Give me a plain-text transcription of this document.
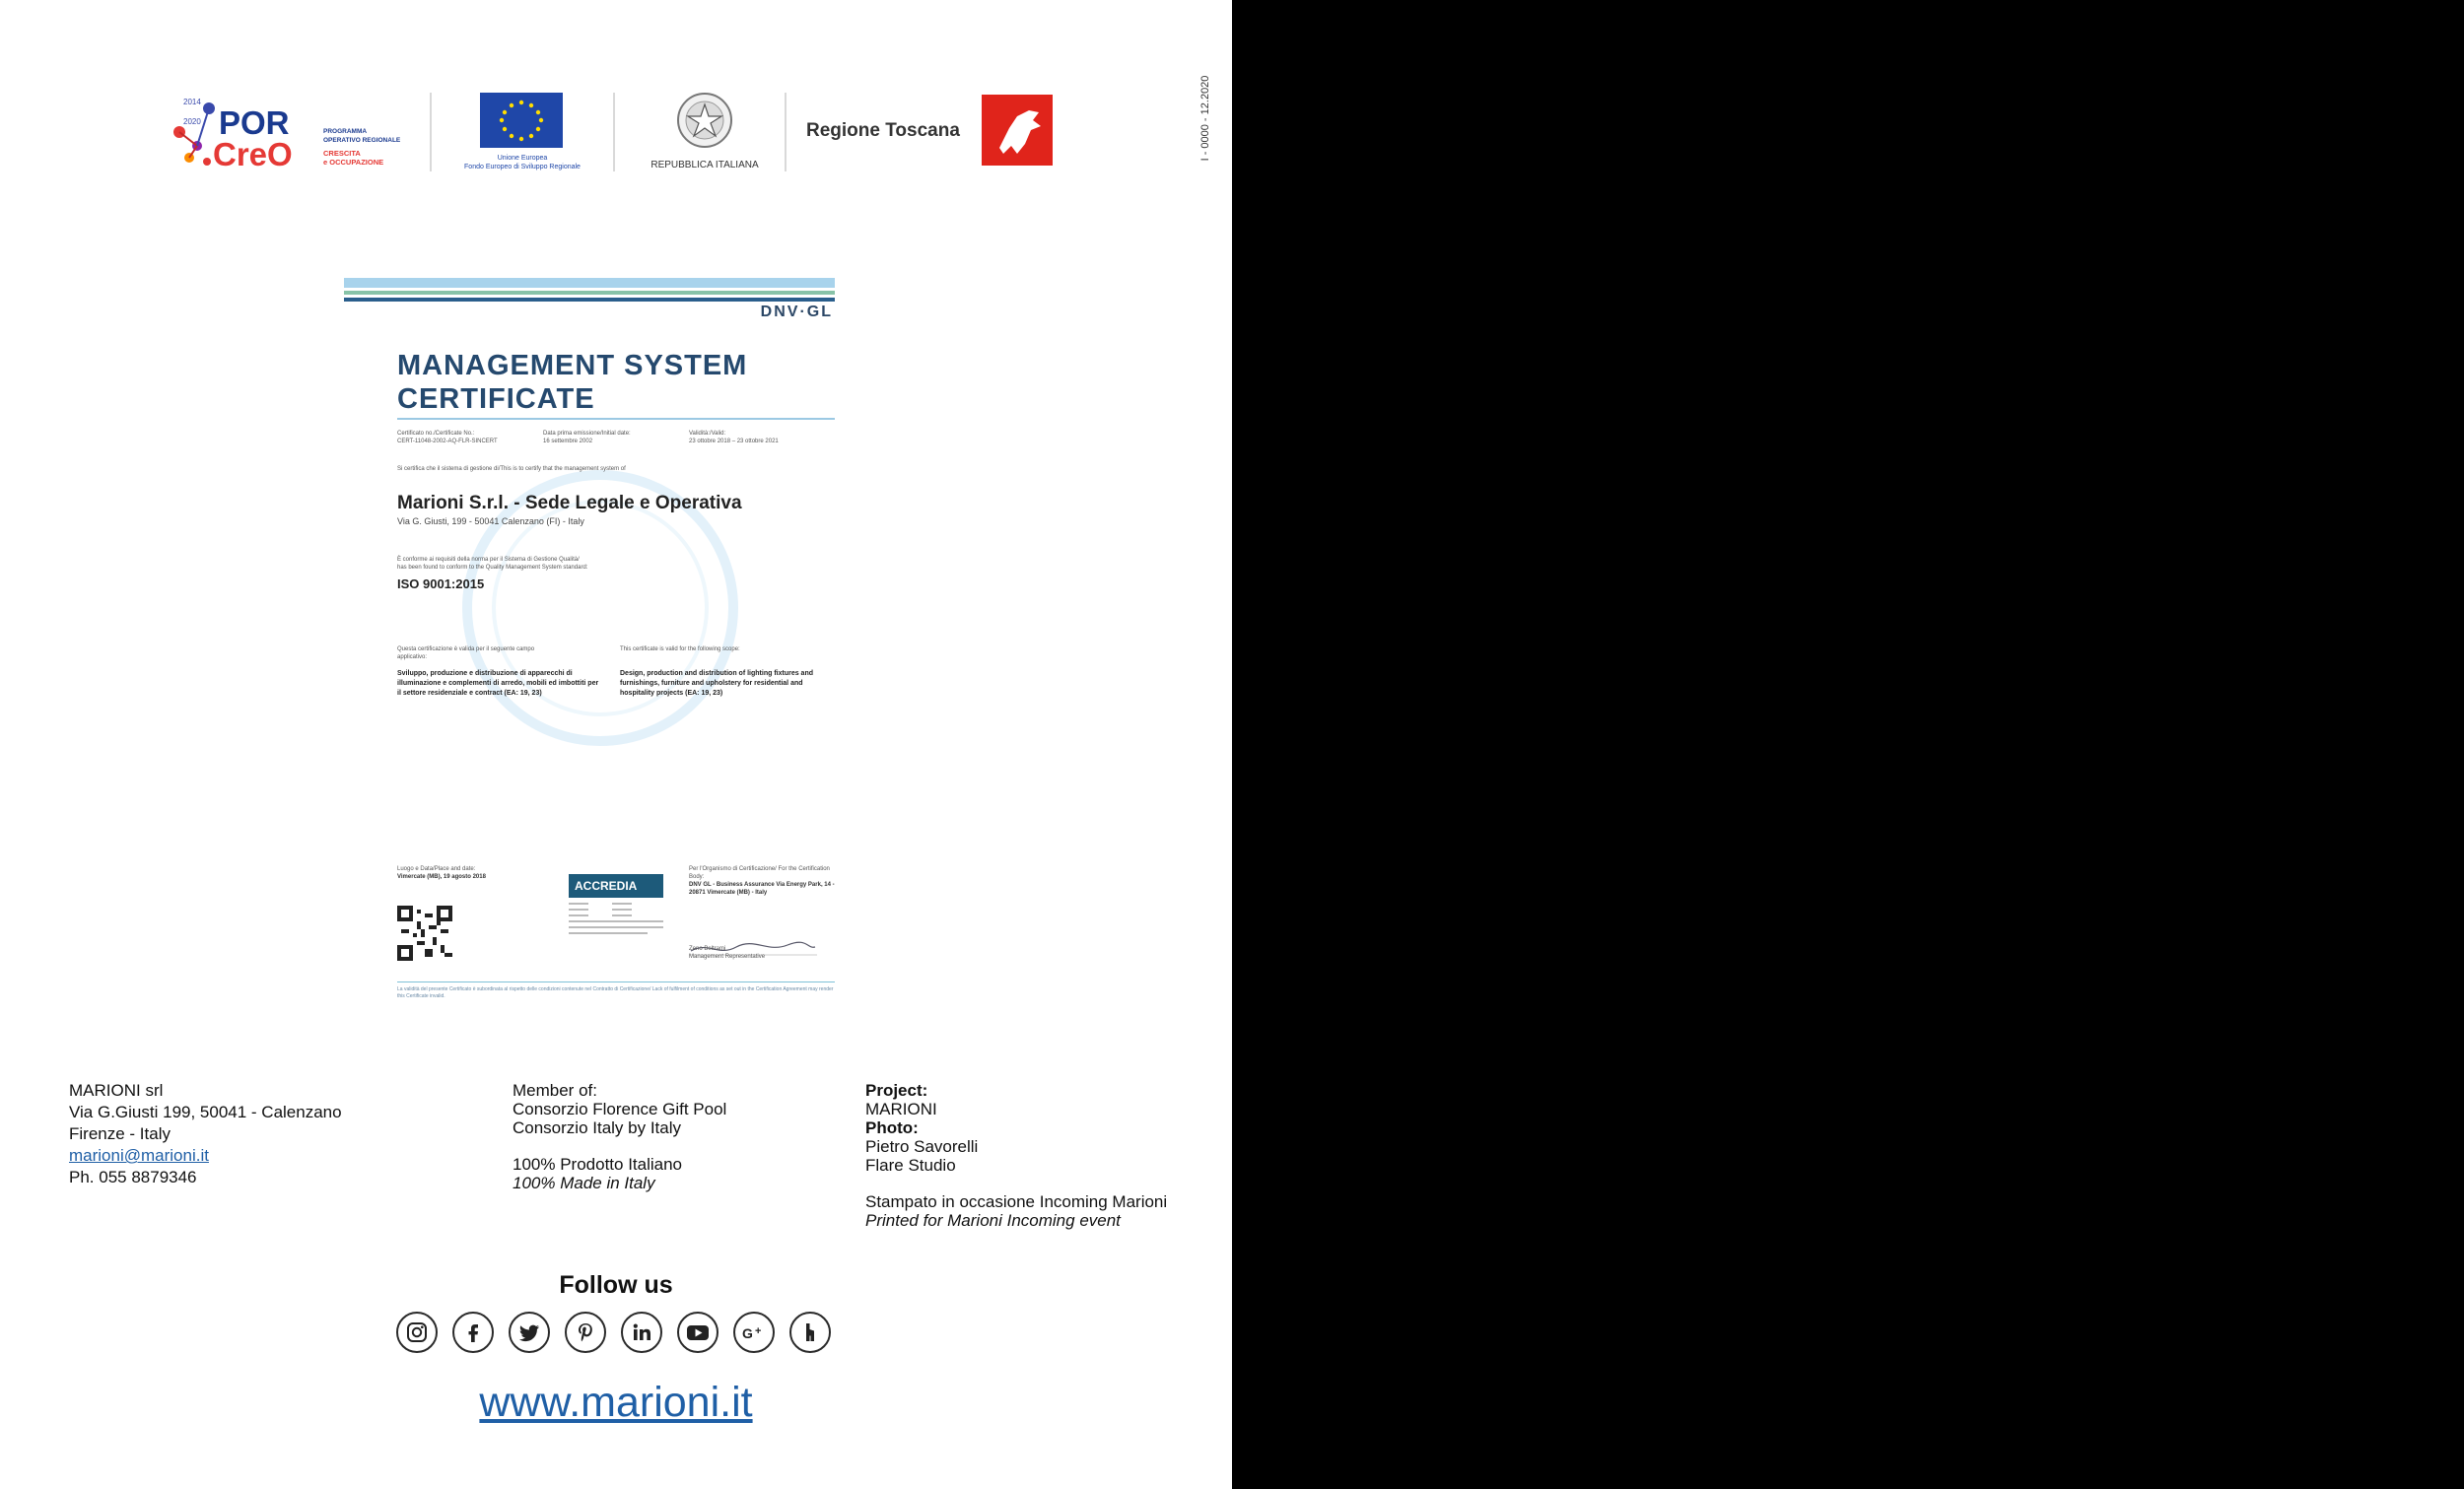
I - 0000 - 12.2020
2014
2020 POR
CreO
PROGRAMMA
OPERATIVO REGIONALE
CRESCITA
e OCCUPAZIONE	Unione Europea
Fondo Europeo di Sviluppo Regionale	REPUBBLICA ITALIANA
Regione Toscana
DNV·GL
MANAGEMENT SYSTEM
CERTIFICATE
Certificato no./Certificate No.:
CERT-11048-2002-AQ-FLR-SINCERT
Data prima emissione/Initial date:
16 settembre 2002
Validità:/Valid:
23 ottobre 2018 – 23 ottobre 2021
Si certifica che il sistema di gestione di/This is to certify that the management system of
Marioni S.r.l. - Sede Legale e Operativa
Via G. Giusti, 199 - 50041 Calenzano (FI) - Italy
È conforme ai requisiti della norma per il Sistema di Gestione Qualità/
has been found to conform to the Quality Management System standard:
ISO 9001:2015
Questa certificazione è valida per il seguente campo applicativo:
Sviluppo, produzione e distribuzione di apparecchi di illuminazione e complementi di arredo, mobili ed imbottiti per il settore residenziale e contract (EA: 19, 23)
This certificate is valid for the following scope:
Design, production and distribution of lighting fixtures and furnishings, furniture and upholstery for residential and hospitality projects (EA: 19, 23)
Luogo e Data/Place and date:
Vimercate (MB), 19 agosto 2018
ACCREDIA
Per l'Organismo di Certificazione/ For the Certification Body:
DNV GL - Business Assurance Via Energy Park, 14 - 20871 Vimercate (MB) - Italy
Zeno Beltrami
Management Representative
La validità del presente Certificato è subordinata al rispetto delle condizioni contenute nel Contratto di Certificazione/ Lack of fulfilment of conditions as set out in the Certification Agreement may render this Certificate invalid.
MARIONI srl
Via G.Giusti 199, 50041 - Calenzano
Firenze - Italy
marioni@marioni.it
Ph. 055 8879346
Member of:
Consorzio Florence Gift Pool
Consorzio Italy by Italy
100% Prodotto Italiano
100% Made in Italy
Project:
MARIONI
Photo:
Pietro Savorelli
Flare Studio
Stampato in occasione Incoming Marioni
Printed for Marioni Incoming event
Follow us
G +
www.marioni.it
